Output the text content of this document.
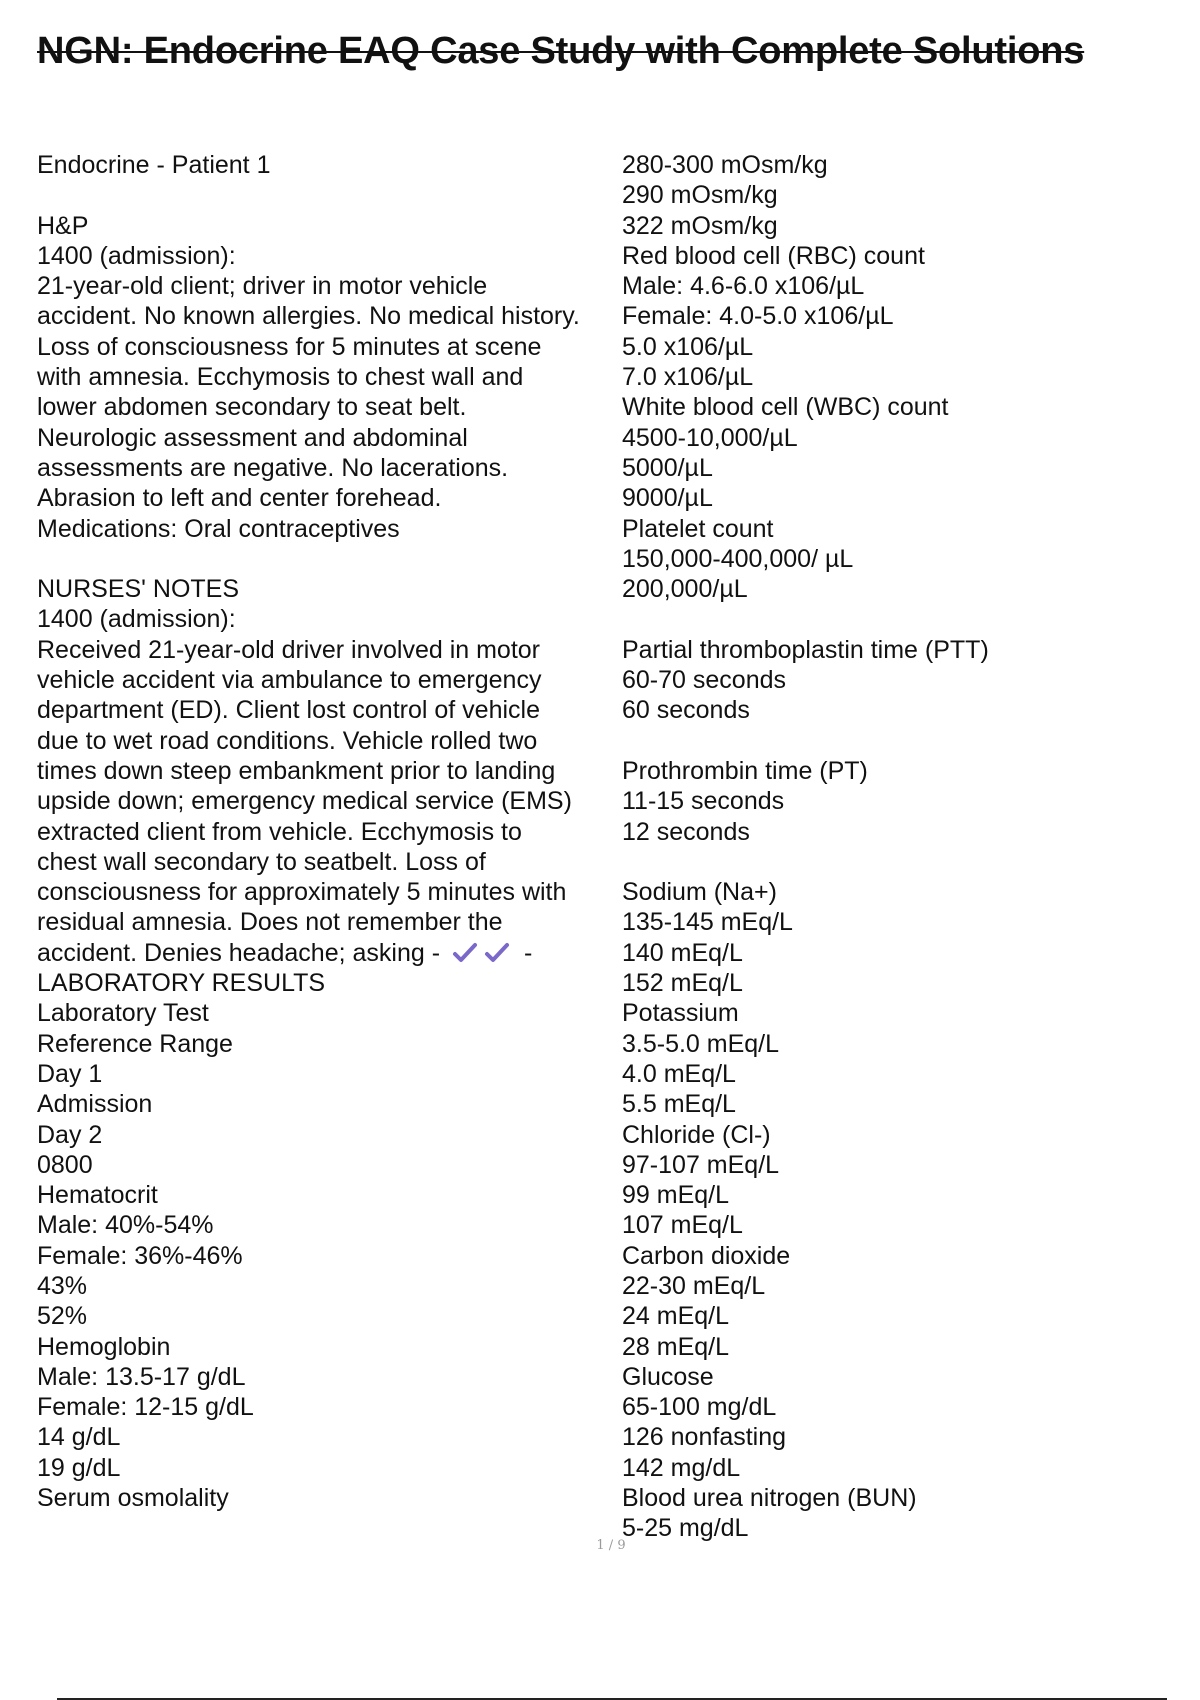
NGN: Endocrine EAQ Case Study with Complete Solutions
Endocrine - Patient 1
H&P
1400 (admission):
21-year-old client; driver in motor vehicle
accident. No known allergies. No medical history.
Loss of consciousness for 5 minutes at scene
with amnesia. Ecchymosis to chest wall and
lower abdomen secondary to seat belt.
Neurologic assessment and abdominal
assessments are negative. No lacerations.
Abrasion to left and center forehead.
Medications: Oral contraceptives
NURSES' NOTES
1400 (admission):
Received 21-year-old driver involved in motor
vehicle accident via ambulance to emergency
department (ED). Client lost control of vehicle
due to wet road conditions. Vehicle rolled two
times down steep embankment prior to landing
upside down; emergency medical service (EMS)
extracted client from vehicle. Ecchymosis to
chest wall secondary to seatbelt. Loss of
consciousness for approximately 5 minutes with
residual amnesia. Does not remember the
accident. Denies headache; asking -	-
LABORATORY RESULTS
Laboratory Test
Reference Range
Day 1
Admission
Day 2
0800
Hematocrit
Male: 40%-54%
Female: 36%-46%
43%
52%
Hemoglobin
Male: 13.5-17 g/dL
Female: 12-15 g/dL
14 g/dL
19 g/dL
Serum osmolality
280-300 mOsm/kg
290 mOsm/kg
322 mOsm/kg
Red blood cell (RBC) count
Male: 4.6-6.0 x106/µL
Female: 4.0-5.0 x106/µL
5.0 x106/µL
7.0 x106/µL
White blood cell (WBC) count
4500-10,000/µL
5000/µL
9000/µL
Platelet count
150,000-400,000/ µL
200,000/µL
Partial thromboplastin time (PTT)
60-70 seconds
60 seconds
Prothrombin time (PT)
11-15 seconds
12 seconds
Sodium (Na+)
135-145 mEq/L
140 mEq/L
152 mEq/L
Potassium
3.5-5.0 mEq/L
4.0 mEq/L
5.5 mEq/L
Chloride (Cl-)
97-107 mEq/L
99 mEq/L
107 mEq/L
Carbon dioxide
22-30 mEq/L
24 mEq/L
28 mEq/L
Glucose
65-100 mg/dL
126 nonfasting
142 mg/dL
Blood urea nitrogen (BUN)
5-25 mg/dL
1 / 9
